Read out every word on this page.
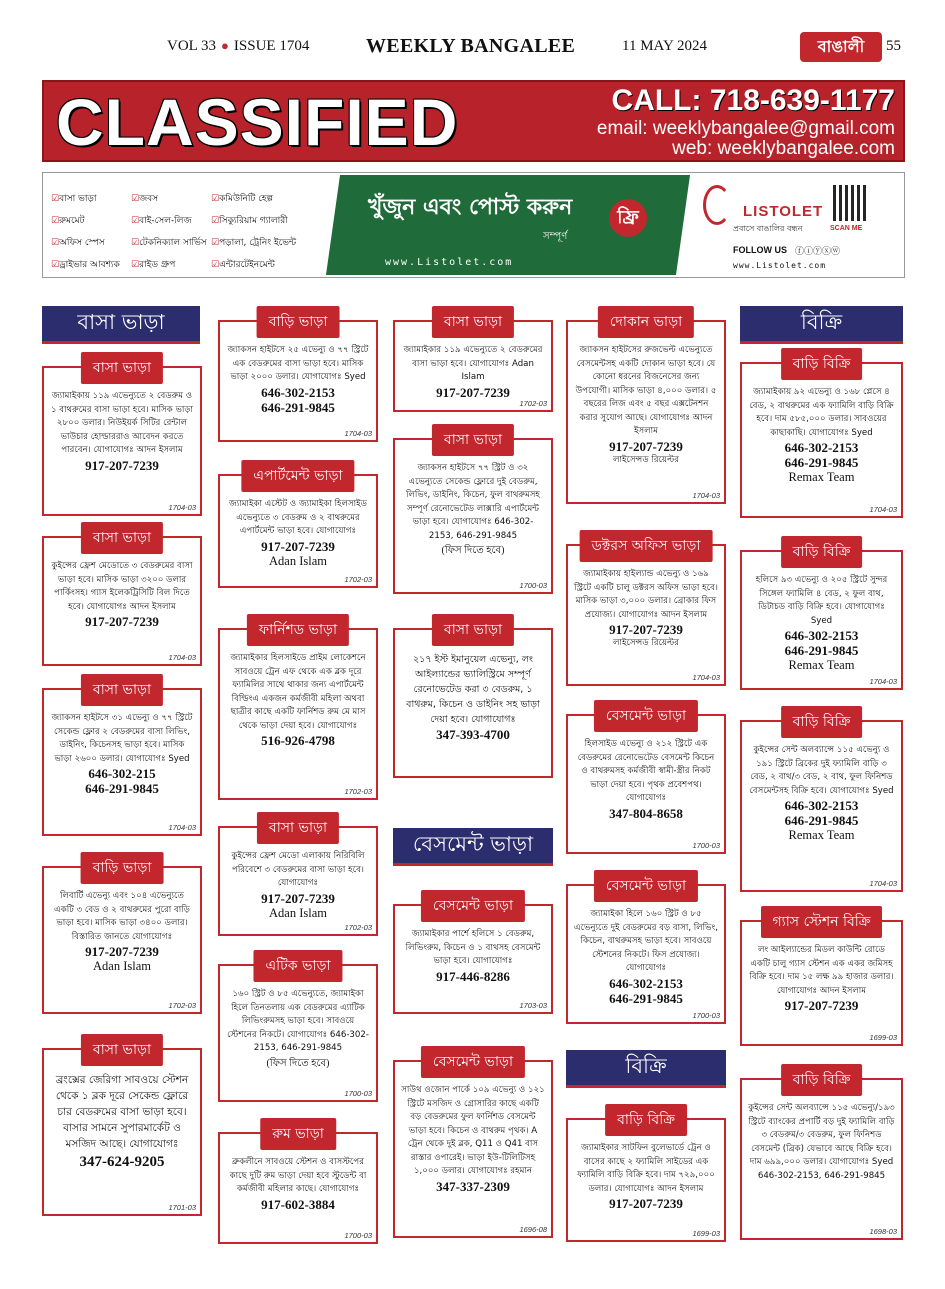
VOL 33 ● ISSUE 1704	WEEKLY BANGALEE	11 MAY 2024	বাঙালী	55
CLASSIFIED	CALL: 718-639-1177
email: weeklybangalee@gmail.com
web: weeklybangalee.com
☑ বাসা ভাড়া	☑ জবস	☑ কমিউনিটি হেল্প
☑ রুমমেট	☑ বাই-সেল-লিজ	☑ সিক্যুরিয়াম গ্যালারী
☑ অফিস স্পেস	☑ টেকনিক্যাল সার্ভিস	☑ পড়ালা, ট্রেনিং ইভেন্ট
☑ ড্রাইভার আবশ্যক	☑ রাইড গ্রুপ	☑ এন্টারটেইনমেন্ট
খুঁজুন এবং পোস্ট করুন
সম্পূর্ণ
ফ্রি
www.Listolet.com
LISTOLET
প্রবাসে বাঙালির বন্ধন
FOLLOW US ⓕⓘⓨⓧⓦ
www.Listolet.com
SCAN ME
বাসা ভাড়া	বিক্রি
বেসমেন্ট ভাড়া
বিক্রি
বাসা ভাড়া
জ্যামাইকায় ১১৯ এভেন্যুতে ২ বেডরুম ও ১ বাথরুমের বাসা ভাড়া হবে। মাসিক ভাড়া ২৮০০ ডলার। নিউইয়র্ক সিটির রেন্টাল ভাউচার হোল্ডাররাও আবেদন করতে পারবেন। যোগাযোগঃ আদন ইসলাম
917-207-7239
1704-03
বাসা ভাড়া
কুইন্সের ফ্রেশ মেডোতে ৩ বেডরুমের বাসা ভাড়া হবে। মাসিক ভাড়া ৩২০০ ডলার পার্কিংসহ। গ্যাস ইলেকট্রিসিটি বিল দিতে হবে। যোগাযোগঃ আদন ইসলাম
917-207-7239
1704-03
বাসা ভাড়া
জ্যাকসন হাইটসে ৩১ এভেন্যু ও ৭৭ স্ট্রিটে সেকেন্ড ফ্লোর ২ বেডরুমের বাসা লিভিং, ডাইনিং, কিচেনসহ ভাড়া হবে। মাসিক ভাড়া ২৬০০ ডলার। যোগাযোগঃ Syed
646-302-215
646-291-9845
1704-03
বাড়ি ভাড়া
লিবার্টি এভেন্যু এবং ১০৪ এভেন্যুতে একটি ৩ বেড ও ২ বাথরুমের পুরো বাড়ি ভাড়া হবে। মাসিক ভাড়া ৩৪০০ ডলার। বিস্তারিত জানতে যোগাযোগঃ
917-207-7239
Adan Islam
1702-03
বাসা ভাড়া
ব্রংক্সের জেরিগা সাবওয়ে স্টেশন থেকে ১ ব্লক দূরে সেকেন্ড ফ্লোরে চার বেডরুমের বাসা ভাড়া হবে। বাসার সামনে সুপারমার্কেট ও মসজিদ আছে। যোগাযোগঃ
347-624-9205
1701-03
বাড়ি ভাড়া
জ্যাকসন হাইটসে ২৫ এভেন্যু ও ৭৭ স্ট্রিটে এক বেডরুমের বাসা ভাড়া হবে। মাসিক ভাড়া ২০০০ ডলার। যোগাযোগঃ Syed
646-302-2153
646-291-9845
1704-03
এপার্টমেন্ট ভাড়া
জ্যামাইকা এস্টেট ও জ্যামাইকা হিলসাইড এভেন্যুতে ৩ বেডরুম ও ২ বাথরুমের এপার্টমেন্ট ভাড়া হবে। যোগাযোগঃ
917-207-7239
Adan Islam
1702-03
ফার্নিশড ভাড়া
জ্যামাইকার হিলসাইডে প্রাইম লোকেশনে সাবওয়ে ট্রেন এফ থেকে এক ব্লক দূরে ফ্যামিলির সাথে থাকার জন্য এপার্টমেন্ট বিল্ডিংএ একজন কর্মজীবী মহিলা অথবা ছাত্রীর কাছে একটি ফার্নিশড রুম মে মাস থেকে ভাড়া দেয়া হবে। যোগাযোগঃ
516-926-4798
1702-03
বাসা ভাড়া
কুইন্সের ফ্রেশ মেডো এলাকায় নিরিবিলি পরিবেশে ৩ বেডরুমের বাসা ভাড়া হবে। যোগাযোগঃ
917-207-7239
Adan Islam
1702-03
এটিক ভাড়া
১৬০ স্ট্রিট ও ৮৫ এভেন্যুতে, জ্যামাইকা হিলে তিনতলায় এক বেডরুমের এ্যাটিক লিভিংরুমসহ ভাড়া হবে। সাবওয়ে স্টেশনের নিকটে। যোগাযোগঃ 646-302-2153, 646-291-9845
(ফিস দিতে হবে)
1700-03
রুম ভাড়া
ব্রুকলীনে সাবওয়ে স্টেশন ও বাসস্টপের কাছে দুটি রুম ভাড়া দেয়া হবে স্টুডেন্ট বা কর্মজীবী মহিলার কাছে। যোগাযোগঃ
917-602-3884
1700-03
বাসা ভাড়া
জ্যামাইকার ১১৯ এভেন্যুতে ২ বেডরুমের বাসা ভাড়া হবে। যোগাযোগঃ Adan Islam
917-207-7239
1702-03
বাসা ভাড়া
জ্যাকসন হাইটসে ৭৭ স্ট্রিট ও ৩২ এভেন্যুতে সেকেন্ড ফ্লোরে দুই বেডরুম, লিভিং, ডাইনিং, কিচেন, ফুল বাথরুমসহ সম্পূর্ণ রেনোভেটেড লাক্সারি এপার্টমেন্ট ভাড়া হবে। যোগাযোগঃ 646-302-2153, 646-291-9845
(ফিস দিতে হবে)
1700-03
বাসা ভাড়া
২১৭ ইস্ট ইমানুয়েল এভেন্যু, লং আইল্যান্ডের ভ্যালিস্ট্রিমে সম্পূর্ণ রেনোভেটেড করা ৩ বেডরুম, ১ বাথরুম, কিচেন ও ডাইনিং সহ ভাড়া দেয়া হবে। যোগাযোগঃ
347-393-4700
বেসমেন্ট ভাড়া
জ্যামাইকার পার্শে হলিসে ১ বেডরুম, লিভিংরুম, কিচেন ও ১ বাথসহ বেসমেন্ট ভাড়া হবে। যোগাযোগঃ
917-446-8286
1703-03
বেসমেন্ট ভাড়া
সাউথ ওজোন পার্কে ১০৯ এভেন্যু ও ১২১ স্ট্রিটে মসজিদ ও গ্রোসারির কাছে একটি বড় বেডরুমের ফুল ফার্নিশড বেসমেন্ট ভাড়া হবে। কিচেন ও বাথরুম পৃথক। A ট্রেন থেকে দুই ব্লক, Q11 ও Q41 বাস রাস্তার ওপারেই। ভাড়া ইউ-টিলিটিসহ ১,০০০ ডলার। যোগাযোগঃ রহমান
347-337-2309
1696-08
দোকান ভাড়া
জ্যাকসন হাইটসের রুজভেল্ট এভেন্যুতে বেসমেন্টসহ একটি দোকান ভাড়া হবে। যে কোনো ধরনের বিজনেসের জন্য উপযোগী। মাসিক ভাড়া ৪,০০০ ডলার। ৫ বছরের লিজ এবং ৫ বছর এক্সটেনশন করার সুযোগ আছে। যোগাযোগঃ আদন ইসলাম
917-207-7239
লাইসেন্সড রিয়েল্টর
1704-03
ডক্টরস অফিস ভাড়া
জ্যামাইকায় হাইল্যান্ড এভেন্যু ও ১৬৯ স্ট্রিটে একটি চালু ডক্টরস অফিস ভাড়া হবে। মাসিক ভাড়া ৩,০০০ ডলার। ব্রোকার ফিস প্রযোজ্য। যোগাযোগঃ আদন ইসলাম
917-207-7239
লাইসেন্সড রিয়েল্টর
1704-03
বেসমেন্ট ভাড়া
হিলসাইড এভেন্যু ও ২১২ স্ট্রিটে এক বেডরুমের রেনোভেটেড বেসমেন্ট কিচেন ও বাথরুমসহ কর্মজীবী স্বামী-স্ত্রীর নিকট ভাড়া দেয়া হবে। পৃথক প্রবেশপথ। যোগাযোগঃ
347-804-8658
1700-03
বেসমেন্ট ভাড়া
জ্যামাইকা হিলে ১৬০ স্ট্রিট ও ৮৫ এভেন্যুতে দুই বেডরুমের বড় বাসা, লিভিং, কিচেন, বাথরুমসহ ভাড়া হবে। সাবওয়ে স্টেশনের নিকটে। ফিস প্রযোজ্য। যোগাযোগঃ
646-302-2153
646-291-9845
1700-03
বাড়ি বিক্রি
জ্যামাইকার সাটফিন বুলেভার্ডে ট্রেন ও বাসের কাছে ২ ফ্যামিলি সাইডের এক ফ্যামিলি বাড়ি বিক্রি হবে। দাম ৭২৯,০০০ ডলার। যোগাযোগঃ আদন ইসলাম
917-207-7239
1699-03
বাড়ি বিক্রি
জ্যামাইকায় ৯২ এভেন্যু ও ১৬৮ প্লেসে ৪ বেড, ২ বাথরুমের এক ফ্যামিলি বাড়ি বিক্রি হবে। দাম ৫৮৫,০০০ ডলার। সাবওয়ের কাছাকাছি। যোগাযোগঃ Syed
646-302-2153
646-291-9845
Remax Team
1704-03
বাড়ি বিক্রি
হলিসে ৯৩ এভেন্যু ও ২০৫ স্ট্রিটে সুন্দর সিঙ্গেল ফ্যামিলি ৪ বেড, ২ ফুল বাথ, ডিটাচড বাড়ি বিক্রি হবে। যোগাযোগঃ Syed
646-302-2153
646-291-9845
Remax Team
1704-03
বাড়ি বিক্রি
কুইন্সের সেন্ট অলব্যান্সে ১১৫ এভেন্যু ও ১৯১ স্ট্রিটে ব্রিকের দুই ফ্যামিলি বাড়ি ৩ বেড, ২ বাথ/৩ বেড, ২ বাথ, ফুল ফিনিশড বেসমেন্টসহ বিক্রি হবে। যোগাযোগঃ Syed
646-302-2153
646-291-9845
Remax Team
1704-03
গ্যাস স্টেশন বিক্রি
লং আইল্যান্ডের মিডল কাউন্টি রোডে একটি চালু গ্যাস স্টেশন এক একর জমিসহ বিক্রি হবে। দাম ১৫ লক্ষ ৯৯ হাজার ডলার। যোগাযোগঃ আদন ইসলাম
917-207-7239
1699-03
বাড়ি বিক্রি
কুইন্সের সেন্ট অলব্যান্সে ১১৫ এভেন্যু/১৯৩ স্ট্রিটে ব্যাংকের প্রপার্টি বড় দুই ফ্যামিলি বাড়ি ৩ বেডরুম/৩ বেডরুম, ফুল ফিনিশড বেসমেন্ট (ব্রিক) যেভাবে আছে বিক্রি হবে। দাম ৬৯৯,০০০ ডলার। যোগাযোগঃ Syed 646-302-2153, 646-291-9845
1698-03
